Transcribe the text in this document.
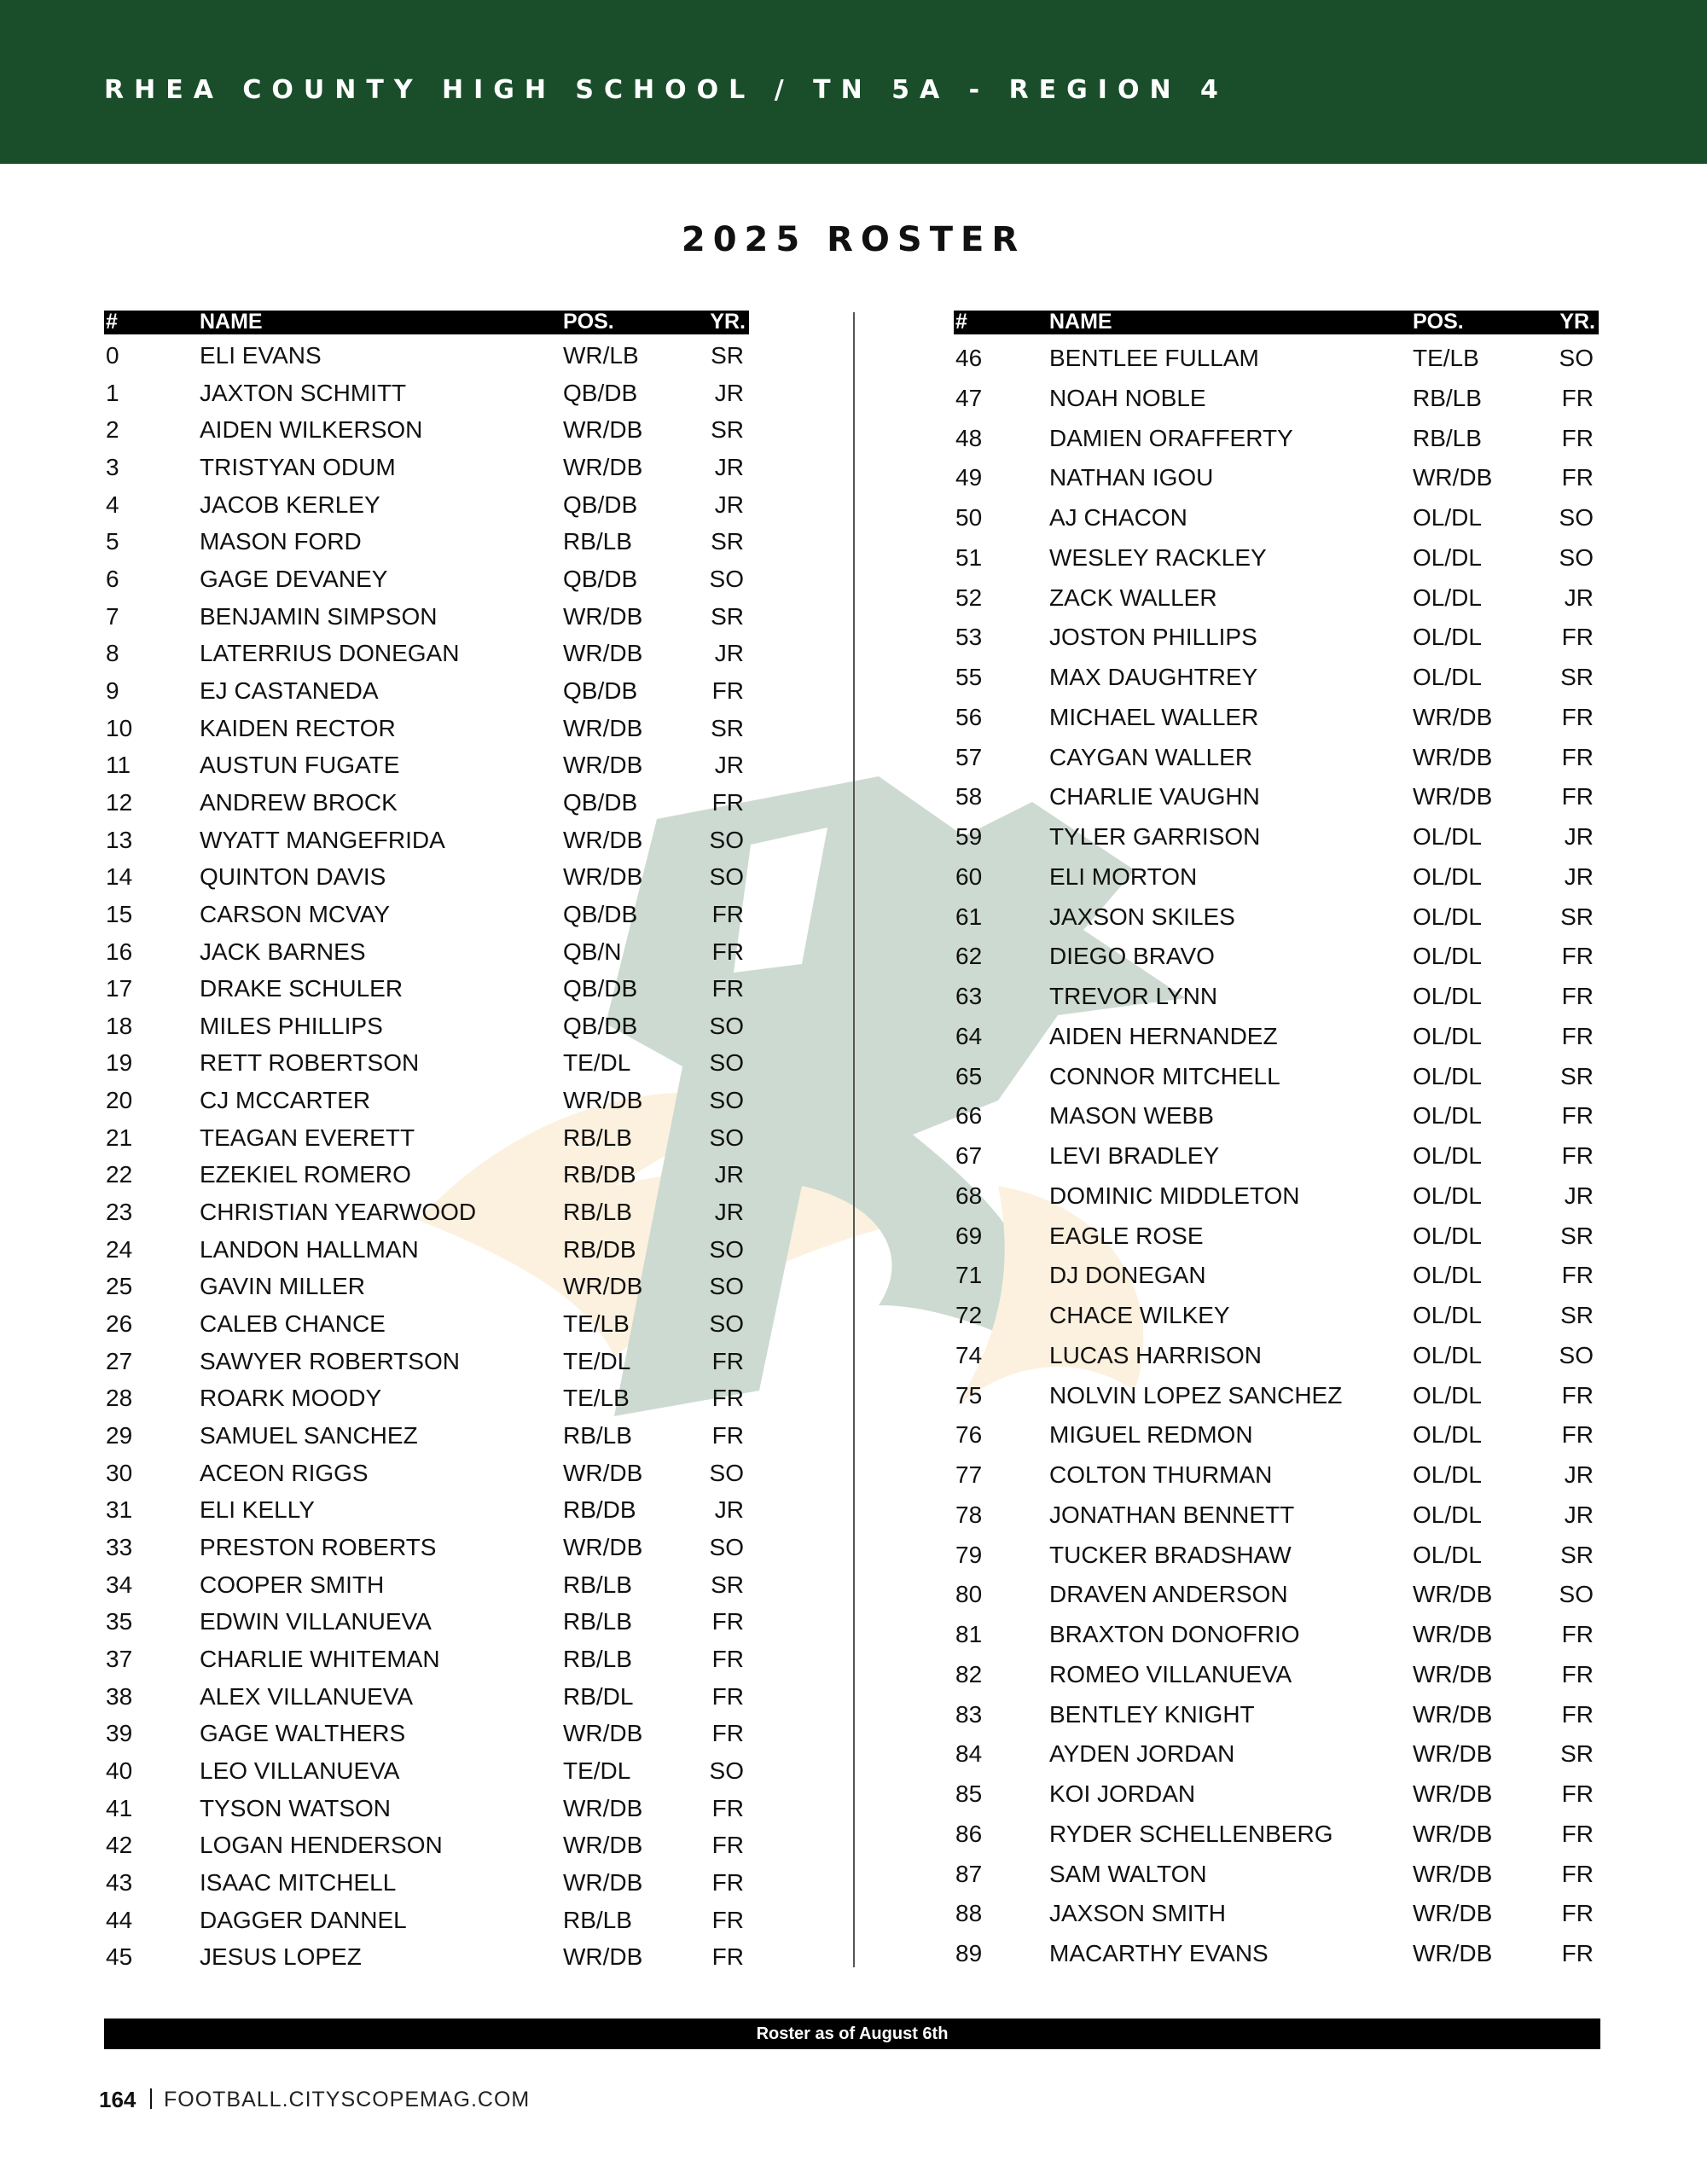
RHEA COUNTY HIGH SCHOOL / TN 5A - REGION 4
2025 ROSTER
#	NAME	POS.	YR.
0	ELI EVANS	WR/LB	SR
1	JAXTON SCHMITT	QB/DB	JR
2	AIDEN WILKERSON	WR/DB	SR
3	TRISTYAN ODUM	WR/DB	JR
4	JACOB KERLEY	QB/DB	JR
5	MASON FORD	RB/LB	SR
6	GAGE DEVANEY	QB/DB	SO
7	BENJAMIN SIMPSON	WR/DB	SR
8	LATERRIUS DONEGAN	WR/DB	JR
9	EJ CASTANEDA	QB/DB	FR
10	KAIDEN RECTOR	WR/DB	SR
11	AUSTUN FUGATE	WR/DB	JR
12	ANDREW BROCK	QB/DB	FR
13	WYATT MANGEFRIDA	WR/DB	SO
14	QUINTON DAVIS	WR/DB	SO
15	CARSON MCVAY	QB/DB	FR
16	JACK BARNES	QB/N	FR
17	DRAKE SCHULER	QB/DB	FR
18	MILES PHILLIPS	QB/DB	SO
19	RETT ROBERTSON	TE/DL	SO
20	CJ MCCARTER	WR/DB	SO
21	TEAGAN EVERETT	RB/LB	SO
22	EZEKIEL ROMERO	RB/DB	JR
23	CHRISTIAN YEARWOOD	RB/LB	JR
24	LANDON HALLMAN	RB/DB	SO
25	GAVIN MILLER	WR/DB	SO
26	CALEB CHANCE	TE/LB	SO
27	SAWYER ROBERTSON	TE/DL	FR
28	ROARK MOODY	TE/LB	FR
29	SAMUEL SANCHEZ	RB/LB	FR
30	ACEON RIGGS	WR/DB	SO
31	ELI KELLY	RB/DB	JR
33	PRESTON ROBERTS	WR/DB	SO
34	COOPER SMITH	RB/LB	SR
35	EDWIN VILLANUEVA	RB/LB	FR
37	CHARLIE WHITEMAN	RB/LB	FR
38	ALEX VILLANUEVA	RB/DL	FR
39	GAGE WALTHERS	WR/DB	FR
40	LEO VILLANUEVA	TE/DL	SO
41	TYSON WATSON	WR/DB	FR
42	LOGAN HENDERSON	WR/DB	FR
43	ISAAC MITCHELL	WR/DB	FR
44	DAGGER DANNEL	RB/LB	FR
45	JESUS LOPEZ	WR/DB	FR
#	NAME	POS.	YR.
46	BENTLEE FULLAM	TE/LB	SO
47	NOAH NOBLE	RB/LB	FR
48	DAMIEN ORAFFERTY	RB/LB	FR
49	NATHAN IGOU	WR/DB	FR
50	AJ CHACON	OL/DL	SO
51	WESLEY RACKLEY	OL/DL	SO
52	ZACK WALLER	OL/DL	JR
53	JOSTON PHILLIPS	OL/DL	FR
55	MAX DAUGHTREY	OL/DL	SR
56	MICHAEL WALLER	WR/DB	FR
57	CAYGAN WALLER	WR/DB	FR
58	CHARLIE VAUGHN	WR/DB	FR
59	TYLER GARRISON	OL/DL	JR
60	ELI MORTON	OL/DL	JR
61	JAXSON SKILES	OL/DL	SR
62	DIEGO BRAVO	OL/DL	FR
63	TREVOR LYNN	OL/DL	FR
64	AIDEN HERNANDEZ	OL/DL	FR
65	CONNOR MITCHELL	OL/DL	SR
66	MASON WEBB	OL/DL	FR
67	LEVI BRADLEY	OL/DL	FR
68	DOMINIC MIDDLETON	OL/DL	JR
69	EAGLE ROSE	OL/DL	SR
71	DJ DONEGAN	OL/DL	FR
72	CHACE WILKEY	OL/DL	SR
74	LUCAS HARRISON	OL/DL	SO
75	NOLVIN LOPEZ SANCHEZ	OL/DL	FR
76	MIGUEL REDMON	OL/DL	FR
77	COLTON THURMAN	OL/DL	JR
78	JONATHAN BENNETT	OL/DL	JR
79	TUCKER BRADSHAW	OL/DL	SR
80	DRAVEN ANDERSON	WR/DB	SO
81	BRAXTON DONOFRIO	WR/DB	FR
82	ROMEO VILLANUEVA	WR/DB	FR
83	BENTLEY KNIGHT	WR/DB	FR
84	AYDEN JORDAN	WR/DB	SR
85	KOI JORDAN	WR/DB	FR
86	RYDER SCHELLENBERG	WR/DB	FR
87	SAM WALTON	WR/DB	FR
88	JAXSON SMITH	WR/DB	FR
89	MACARTHY EVANS	WR/DB	FR
Roster as of August 6th
164 FOOTBALL.CITYSCOPEMAG.COM
